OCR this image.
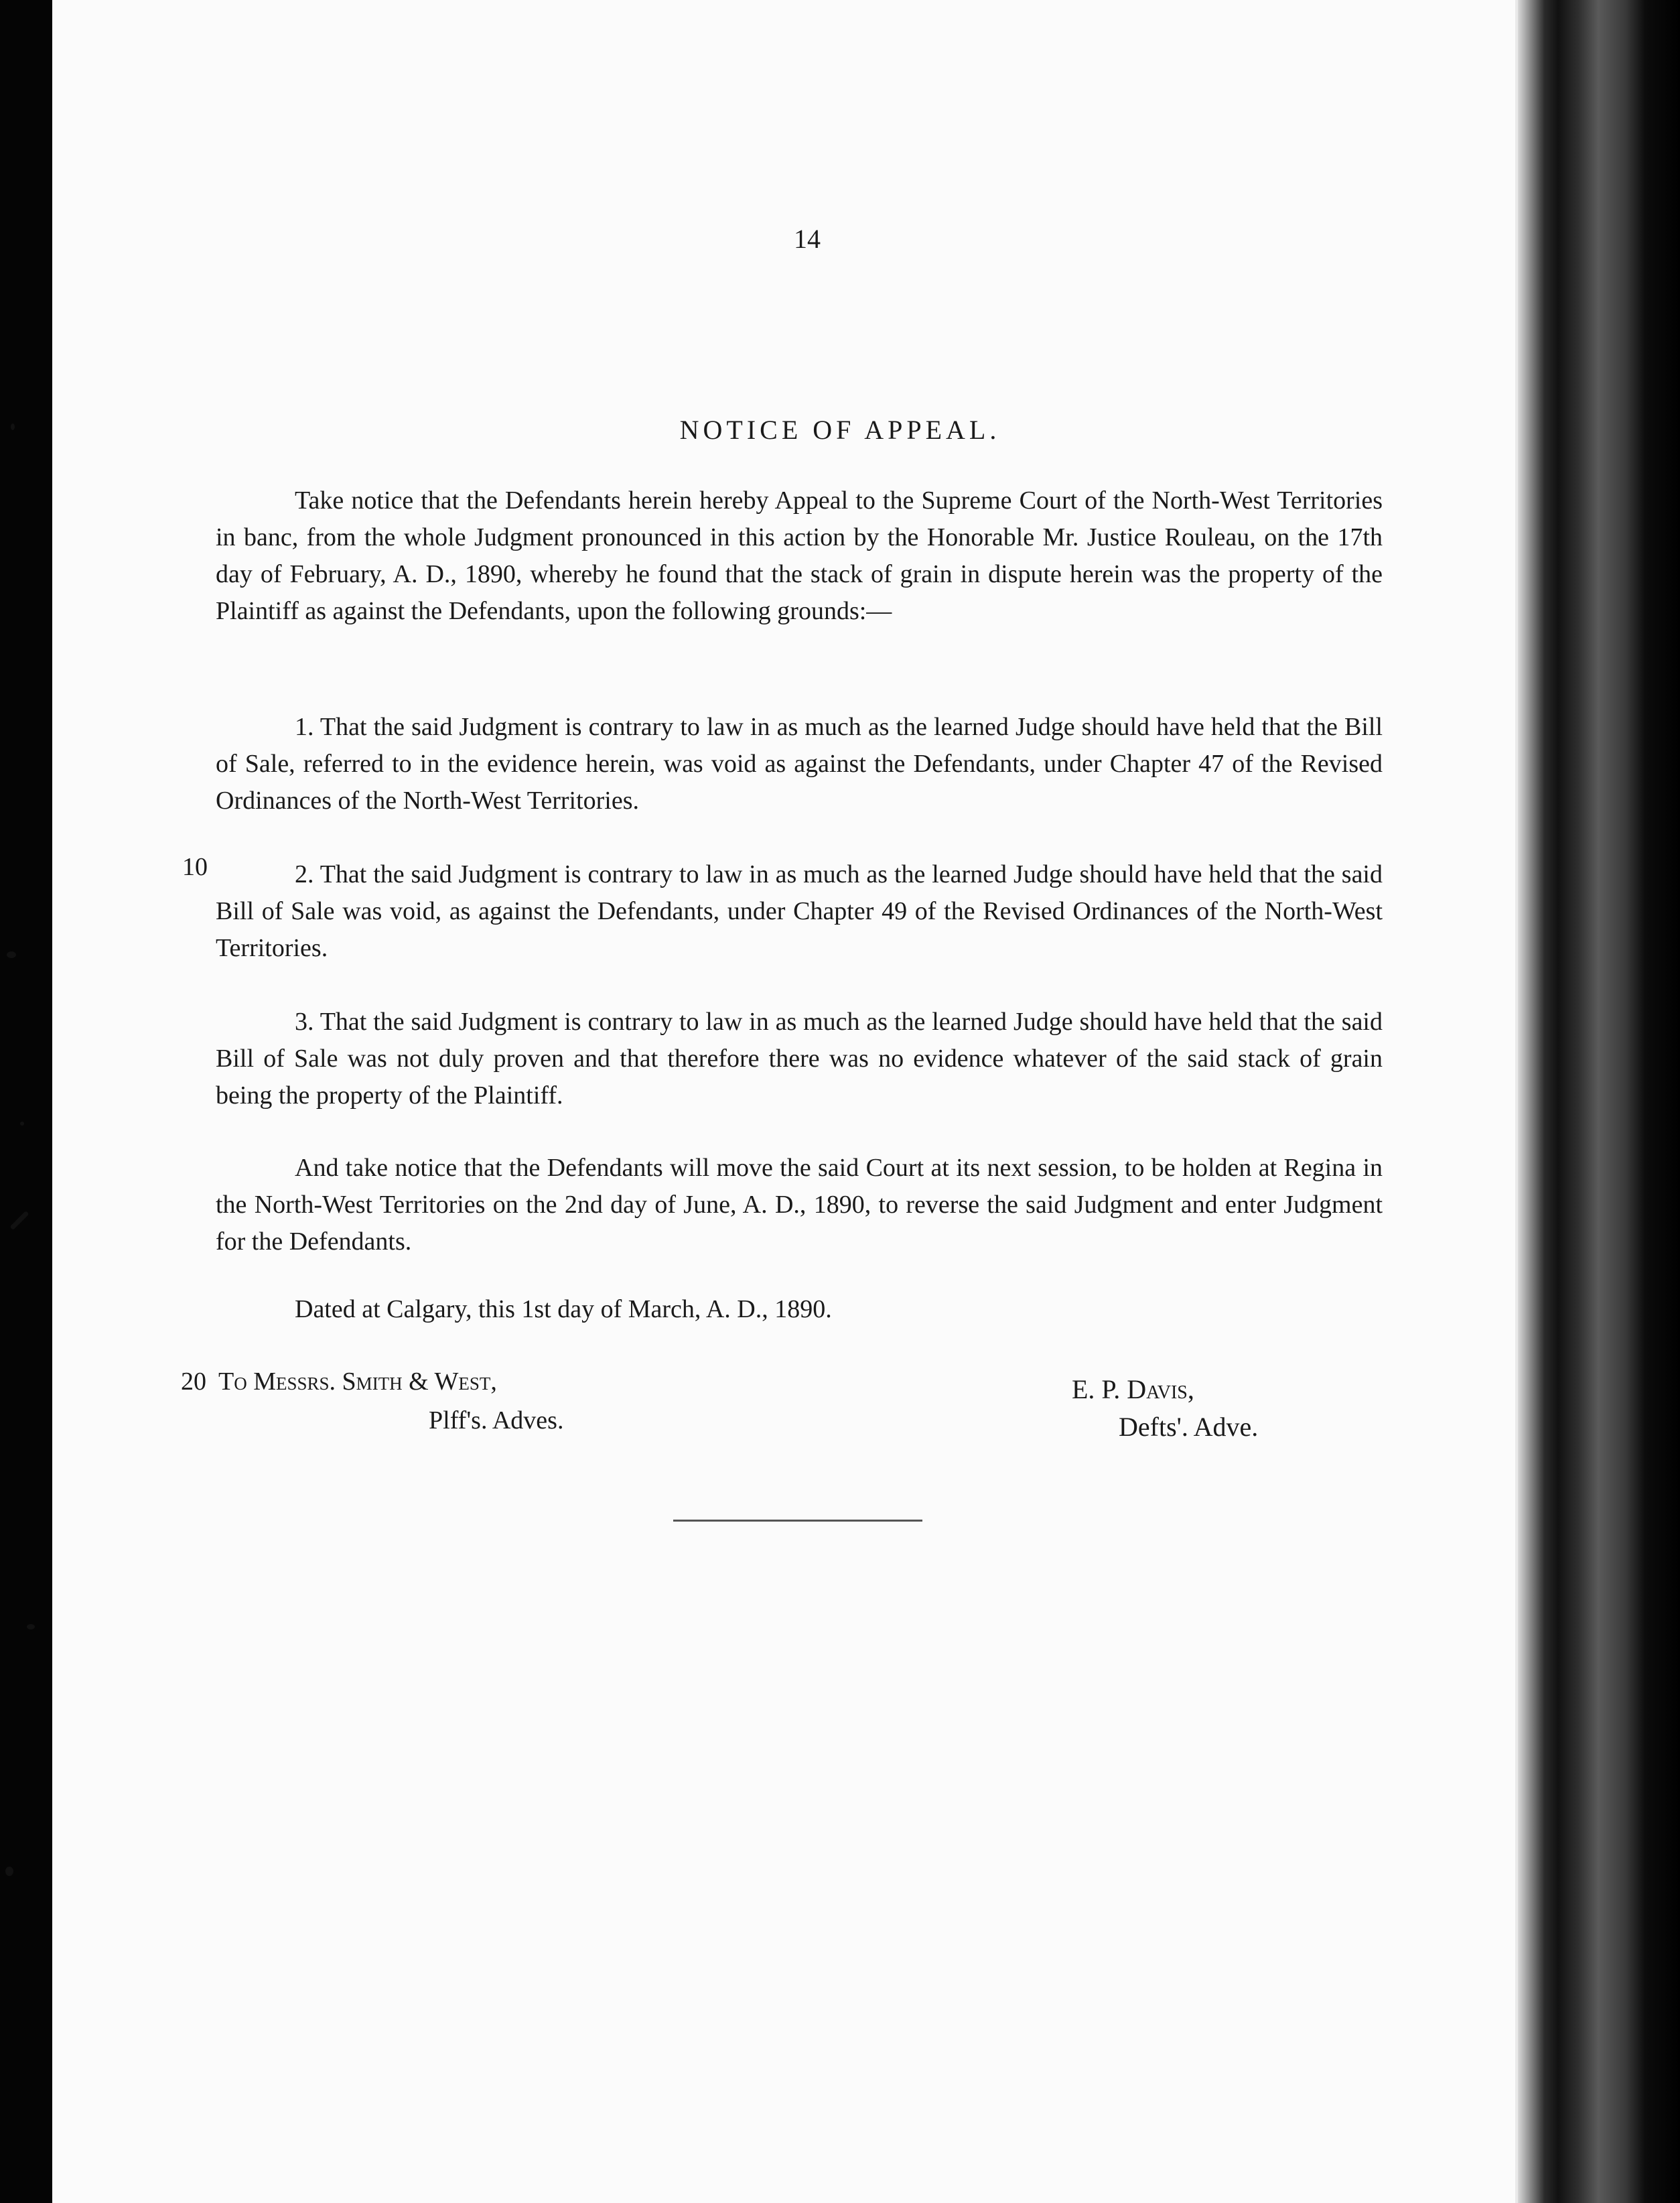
14
NOTICE OF APPEAL.
Take notice that the Defendants herein hereby Appeal to the Supreme Court of the North-West Territories in banc, from the whole Judgment pronounced in this action by the Honorable Mr. Justice Rouleau, on the 17th day of February, A. D., 1890, whereby he found that the stack of grain in dispute herein was the property of the Plaintiff as against the Defendants, upon the following grounds:—
1. That the said Judgment is contrary to law in as much as the learned Judge should have held that the Bill of Sale, referred to in the evidence herein, was void as against the Defendants, under Chapter 47 of the Revised Ordinances of the North-West Territories.
10	2. That the said Judgment is contrary to law in as much as the learned Judge should have held that the said Bill of Sale was void, as against the Defendants, under Chapter 49 of the Revised Ordinances of the North-West Territories.
3. That the said Judgment is contrary to law in as much as the learned Judge should have held that the said Bill of Sale was not duly proven and that therefore there was no evidence whatever of the said stack of grain being the property of the Plaintiff.
And take notice that the Defendants will move the said Court at its next session, to be holden at Regina in the North-West Territories on the 2nd day of June, A. D., 1890, to reverse the said Judgment and enter Judgment for the Defendants.
Dated at Calgary, this 1st day of March, A. D., 1890.
20 To Messrs. Smith & West,
Plff's. Adves.
E. P. Davis,
Defts'. Adve.
